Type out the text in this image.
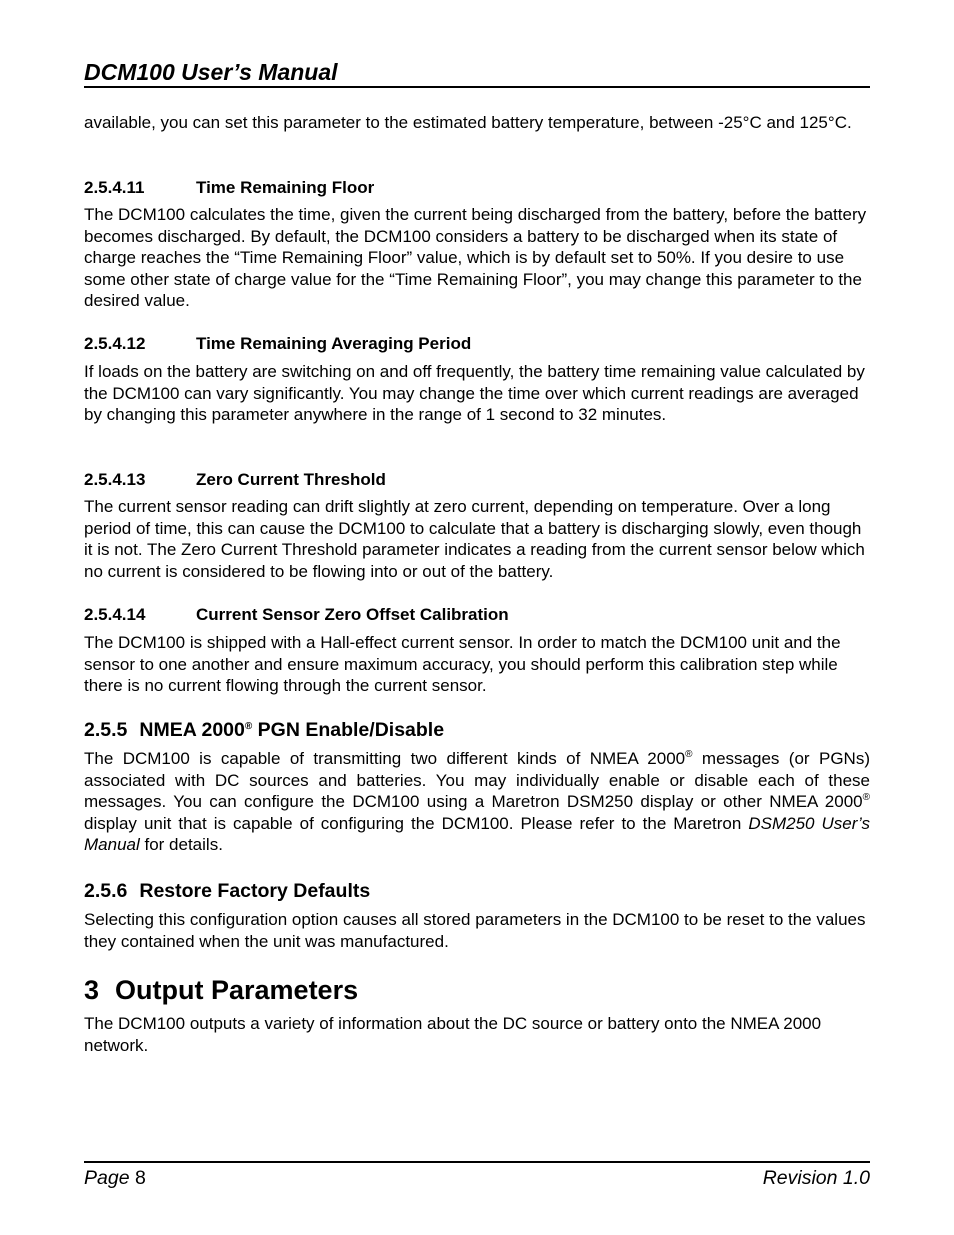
DCM100 User’s Manual

available, you can set this parameter to the estimated battery temperature, between -25°C and 125°C.

2.5.4.11	Time Remaining Floor

The DCM100 calculates the time, given the current being discharged from the battery, before the battery becomes discharged. By default, the DCM100 considers a battery to be discharged when its state of charge reaches the “Time Remaining Floor” value, which is by default set to 50%. If you desire to use some other state of charge value for the “Time Remaining Floor”, you may change this parameter to the desired value.

2.5.4.12	Time Remaining Averaging Period

If loads on the battery are switching on and off frequently, the battery time remaining value calculated by the DCM100 can vary significantly. You may change the time over which current readings are averaged by changing this parameter anywhere in the range of 1 second to 32 minutes.

2.5.4.13	Zero Current Threshold

The current sensor reading can drift slightly at zero current, depending on temperature. Over a long period of time, this can cause the DCM100 to calculate that a battery is discharging slowly, even though it is not. The Zero Current Threshold parameter indicates a reading from the current sensor below which no current is considered to be flowing into or out of the battery.

2.5.4.14	Current Sensor Zero Offset Calibration

The DCM100 is shipped with a Hall-effect current sensor. In order to match the DCM100 unit and the sensor to one another and ensure maximum accuracy, you should perform this calibration step while there is no current flowing through the current sensor.

2.5.5 NMEA 2000® PGN Enable/Disable

The DCM100 is capable of transmitting two different kinds of NMEA 2000® messages (or PGNs) associated with DC sources and batteries. You may individually enable or disable each of these messages. You can configure the DCM100 using a Maretron DSM250 display or other NMEA 2000® display unit that is capable of configuring the DCM100. Please refer to the Maretron DSM250 User’s Manual for details.

2.5.6 Restore Factory Defaults

Selecting this configuration option causes all stored parameters in the DCM100 to be reset to the values they contained when the unit was manufactured.

3 Output Parameters

The DCM100 outputs a variety of information about the DC source or battery onto the NMEA 2000 network.

Page 8	Revision 1.0
